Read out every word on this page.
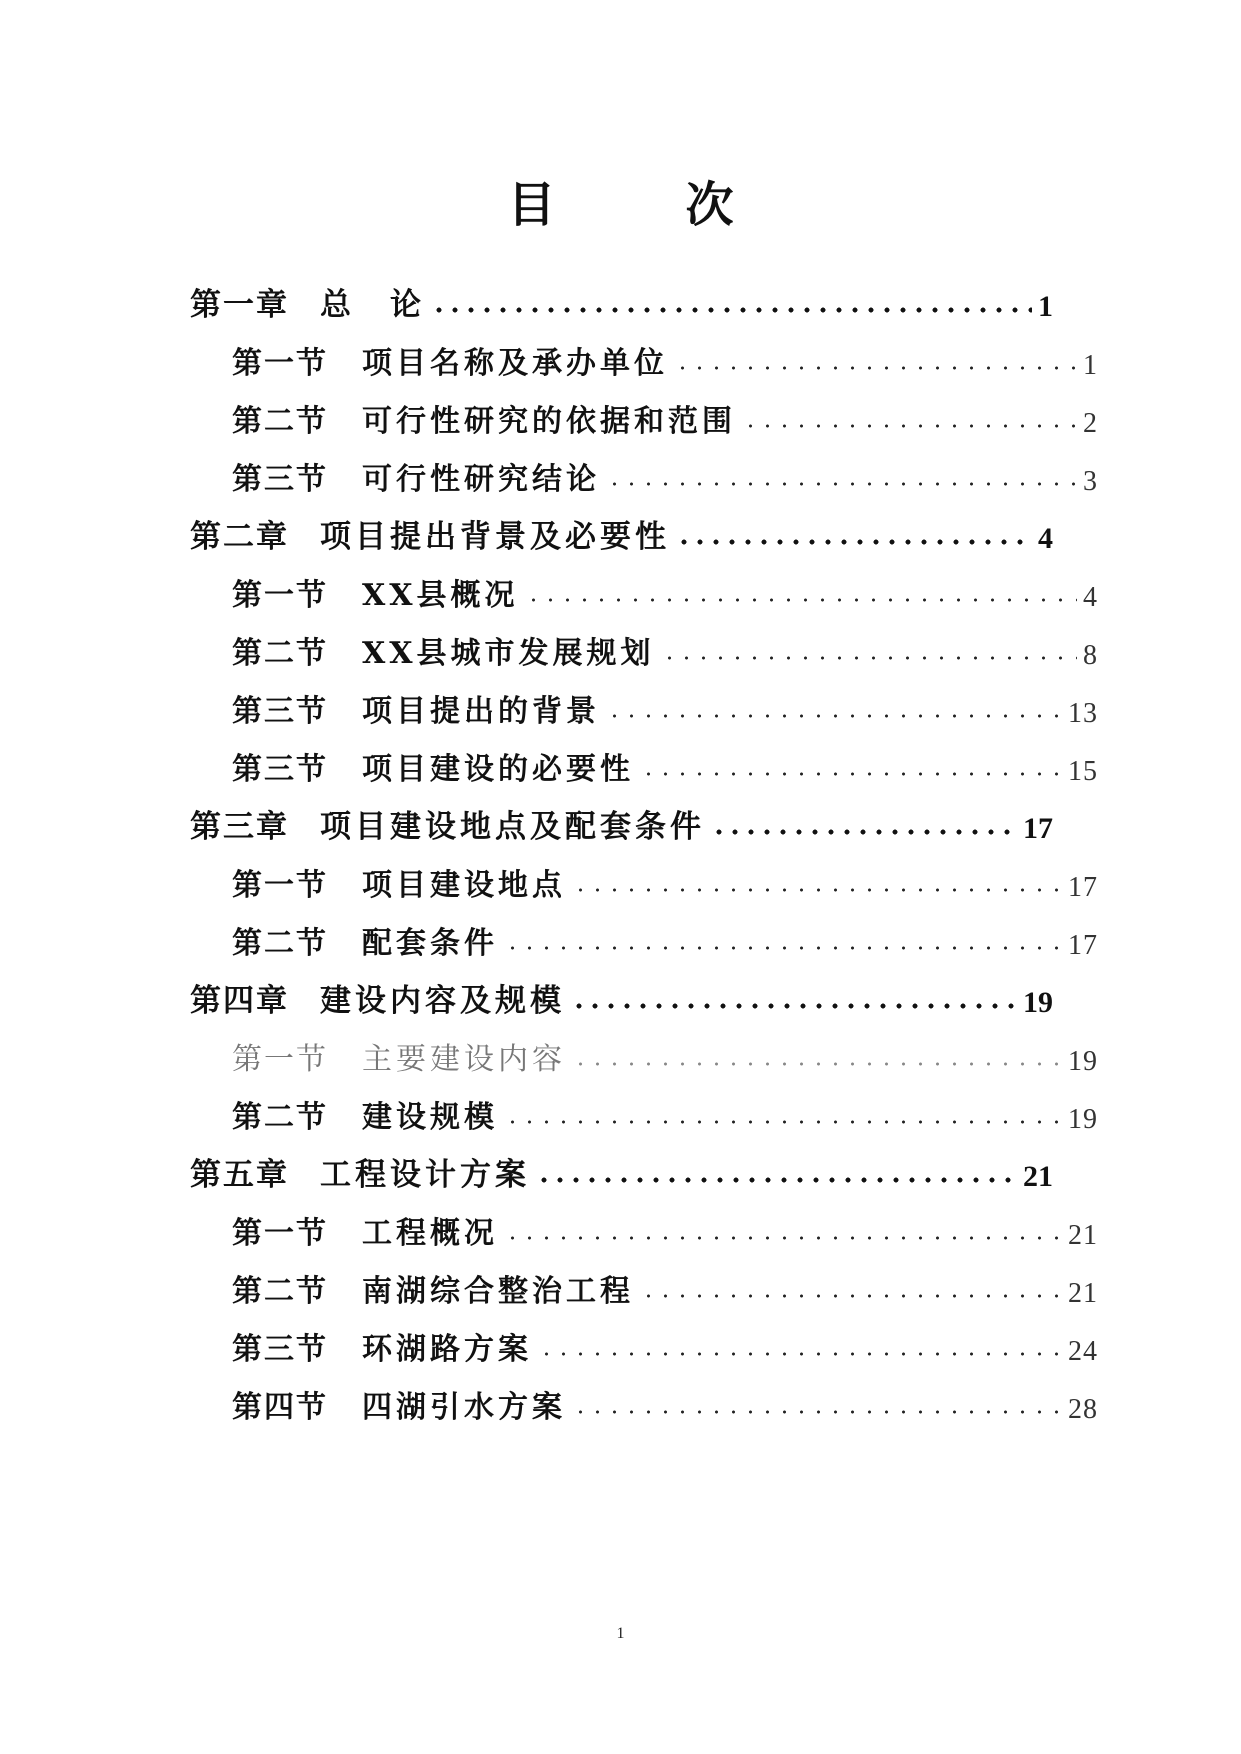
目	次
第一章	总　论	1
第一节	项目名称及承办单位	1
第二节	可行性研究的依据和范围	2
第三节	可行性研究结论	3
第二章	项目提出背景及必要性	4
第一节	XX县概况	4
第二节	XX县城市发展规划	8
第三节	项目提出的背景	13
第三节	项目建设的必要性	15
第三章	项目建设地点及配套条件	17
第一节	项目建设地点	17
第二节	配套条件	17
第四章	建设内容及规模	19
第一节	主要建设内容	19
第二节	建设规模	19
第五章	工程设计方案	21
第一节	工程概况	21
第二节	南湖综合整治工程	21
第三节	环湖路方案	24
第四节	四湖引水方案	28
1
